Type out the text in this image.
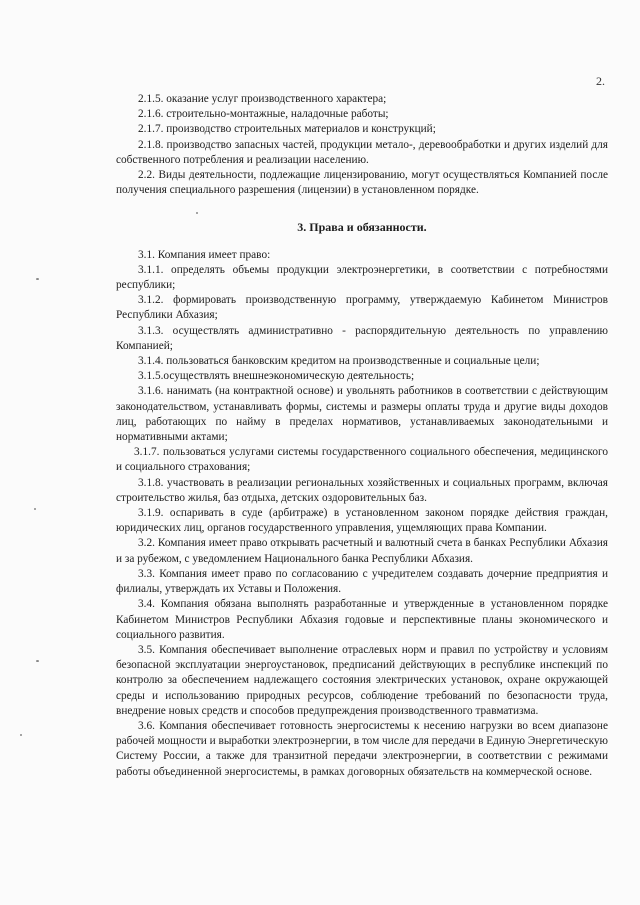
2.

2.1.5. оказание услуг производственного характера;

2.1.6. строительно-монтажные, наладочные работы;

2.1.7. производство строительных материалов и конструкций;

2.1.8. производство запасных частей, продукции метало-, деревообработки и других изделий для собственного потребления и реализации населению.

2.2. Виды деятельности, подлежащие лицензированию, могут осуществляться Компанией после получения специального разрешения (лицензии) в установленном порядке.

3. Права и обязанности.

3.1. Компания имеет право:

3.1.1. определять объемы продукции электроэнергетики, в соответствии с потребностями республики;

3.1.2. формировать производственную программу, утверждаемую Кабинетом Министров Республики Абхазия;

3.1.3. осуществлять административно - распорядительную деятельность по управлению Компанией;

3.1.4. пользоваться банковским кредитом на производственные и социальные цели;

3.1.5.осуществлять внешнеэкономическую деятельность;

3.1.6. нанимать (на контрактной основе) и увольнять работников в соответствии с действующим законодательством, устанавливать формы, системы и размеры оплаты труда и другие виды доходов лиц, работающих по найму в пределах нормативов, устанавливаемых законодательными и нормативными актами;

3.1.7. пользоваться услугами системы государственного социального обеспечения, медицинского и социального страхования;

3.1.8. участвовать в реализации региональных хозяйственных и социальных программ, включая строительство жилья, баз отдыха, детских оздоровительных баз.

3.1.9. оспаривать в суде (арбитраже) в установленном законом порядке действия граждан, юридических лиц, органов государственного управления, ущемляющих права Компании.

3.2. Компания имеет право открывать расчетный и валютный счета в банках Республики Абхазия и за рубежом, с уведомлением Национального банка Республики Абхазия.

3.3. Компания имеет право по согласованию с учредителем создавать дочерние предприятия и филиалы, утверждать их Уставы и Положения.

3.4. Компания обязана выполнять разработанные и утвержденные в установленном порядке Кабинетом Министров Республики Абхазия годовые и перспективные планы экономического и социального развития.

3.5. Компания обеспечивает выполнение отраслевых норм и правил по устройству и условиям безопасной эксплуатации энергоустановок, предписаний действующих в республике инспекций по контролю за обеспечением надлежащего состояния электрических установок, охране окружающей среды и использованию природных ресурсов, соблюдение требований по безопасности труда, внедрение новых средств и способов предупреждения производственного травматизма.

3.6. Компания обеспечивает готовность энергосистемы к несению нагрузки во всем диапазоне рабочей мощности и выработки электроэнергии, в том числе для передачи в Единую Энергетическую Систему России, а также для транзитной передачи электроэнергии, в соответствии с режимами работы объединенной энергосистемы, в рамках договорных обязательств на коммерческой основе.
